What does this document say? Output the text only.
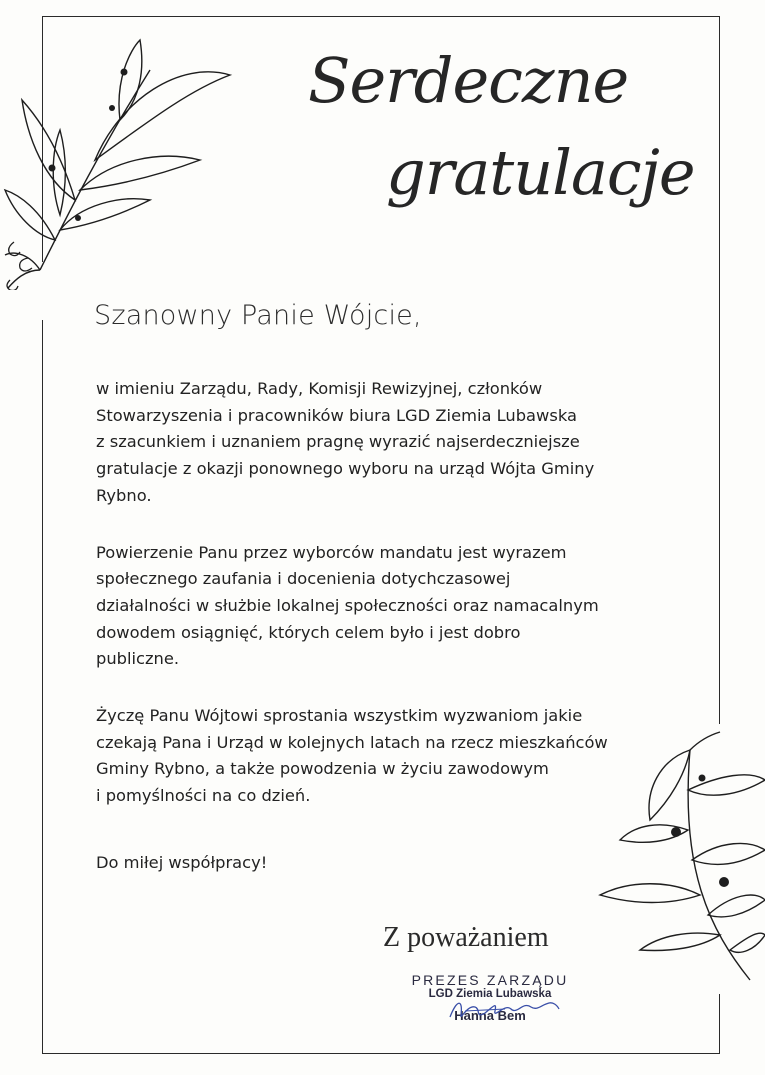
Serdeczne
gratulacje
Szanowny Panie Wójcie,
w imieniu Zarządu, Rady, Komisji Rewizyjnej, członków
Stowarzyszenia i pracowników biura LGD Ziemia Lubawska
z szacunkiem i uznaniem pragnę wyrazić najserdeczniejsze
gratulacje z okazji ponownego wyboru na urząd Wójta Gminy
Rybno.
Powierzenie Panu przez wyborców mandatu jest wyrazem
społecznego zaufania i docenienia dotychczasowej
działalności w służbie lokalnej społeczności oraz namacalnym
dowodem osiągnięć, których celem było i jest dobro
publiczne.
Życzę Panu Wójtowi sprostania wszystkim wyzwaniom jakie
czekają Pana i Urząd w kolejnych latach na rzecz mieszkańców
Gminy Rybno, a także powodzenia w życiu zawodowym
i pomyślności na co dzień.
Do miłej współpracy!
Z poważaniem
PREZES ZARZĄDU
LGD Ziemia Lubawska
Hanna Bem
